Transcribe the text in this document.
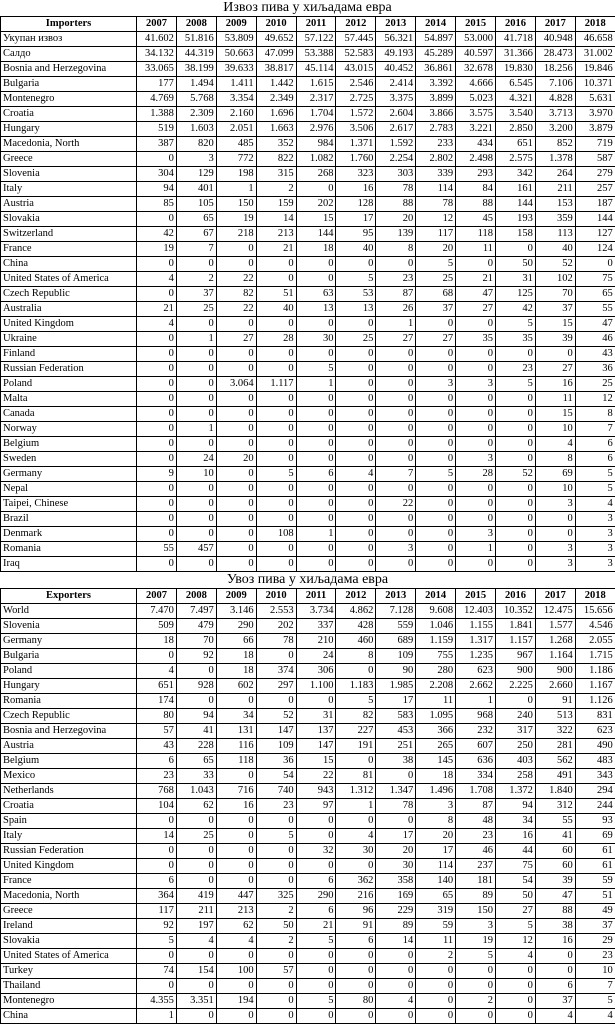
Извоз пива у хиљадама евра
Importers	2007	2008	2009	2010	2011	2012	2013	2014	2015	2016	2017	2018
Укупан извоз	41.602	51.816	53.809	49.652	57.122	57.445	56.321	54.897	53.000	41.718	40.948	46.658
Салдо	34.132	44.319	50.663	47.099	53.388	52.583	49.193	45.289	40.597	31.366	28.473	31.002
Bosnia and Herzegovina	33.065	38.199	39.633	38.817	45.114	43.015	40.452	36.861	32.678	19.830	18.256	19.846
Bulgaria	177	1.494	1.411	1.442	1.615	2.546	2.414	3.392	4.666	6.545	7.106	10.371
Montenegro	4.769	5.768	3.354	2.349	2.317	2.725	3.375	3.899	5.023	4.321	4.828	5.631
Croatia	1.388	2.309	2.160	1.696	1.704	1.572	2.604	3.866	3.575	3.540	3.713	3.970
Hungary	519	1.603	2.051	1.663	2.976	3.506	2.617	2.783	3.221	2.850	3.200	3.879
Macedonia, North	387	820	485	352	984	1.371	1.592	233	434	651	852	719
Greece	0	3	772	822	1.082	1.760	2.254	2.802	2.498	2.575	1.378	587
Slovenia	304	129	198	315	268	323	303	339	293	342	264	279
Italy	94	401	1	2	0	16	78	114	84	161	211	257
Austria	85	105	150	159	202	128	88	78	88	144	153	187
Slovakia	0	65	19	14	15	17	20	12	45	193	359	144
Switzerland	42	67	218	213	144	95	139	117	118	158	113	127
France	19	7	0	21	18	40	8	20	11	0	40	124
China	0	0	0	0	0	0	0	5	0	50	52	0
United States of America	4	2	22	0	0	5	23	25	21	31	102	75
Czech Republic	0	37	82	51	63	53	87	68	47	125	70	65
Australia	21	25	22	40	13	13	26	37	27	42	37	55
United Kingdom	4	0	0	0	0	0	1	0	0	5	15	47
Ukraine	0	1	27	28	30	25	27	27	35	35	39	46
Finland	0	0	0	0	0	0	0	0	0	0	0	43
Russian Federation	0	0	0	0	5	0	0	0	0	23	27	36
Poland	0	0	3.064	1.117	1	0	0	3	3	5	16	25
Malta	0	0	0	0	0	0	0	0	0	0	11	12
Canada	0	0	0	0	0	0	0	0	0	0	15	8
Norway	0	1	0	0	0	0	0	0	0	0	10	7
Belgium	0	0	0	0	0	0	0	0	0	0	4	6
Sweden	0	24	20	0	0	0	0	0	3	0	8	6
Germany	9	10	0	5	6	4	7	5	28	52	69	5
Nepal	0	0	0	0	0	0	0	0	0	0	10	5
Taipei, Chinese	0	0	0	0	0	0	22	0	0	0	3	4
Brazil	0	0	0	0	0	0	0	0	0	0	0	3
Denmark	0	0	0	108	1	0	0	0	3	0	0	3
Romania	55	457	0	0	0	0	3	0	1	0	3	3
Iraq	0	0	0	0	0	0	0	0	0	0	3	3
Увоз пива у хиљадама евра
Exporters	2007	2008	2009	2010	2011	2012	2013	2014	2015	2016	2017	2018
World	7.470	7.497	3.146	2.553	3.734	4.862	7.128	9.608	12.403	10.352	12.475	15.656
Slovenia	509	479	290	202	337	428	559	1.046	1.155	1.841	1.577	4.546
Germany	18	70	66	78	210	460	689	1.159	1.317	1.157	1.268	2.055
Bulgaria	0	92	18	0	24	8	109	755	1.235	967	1.164	1.715
Poland	4	0	18	374	306	0	90	280	623	900	900	1.186
Hungary	651	928	602	297	1.100	1.183	1.985	2.208	2.662	2.225	2.660	1.167
Romania	174	0	0	0	0	5	17	11	1	0	91	1.126
Czech Republic	80	94	34	52	31	82	583	1.095	968	240	513	831
Bosnia and Herzegovina	57	41	131	147	137	227	453	366	232	317	322	623
Austria	43	228	116	109	147	191	251	265	607	250	281	490
Belgium	6	65	118	36	15	0	38	145	636	403	562	483
Mexico	23	33	0	54	22	81	0	18	334	258	491	343
Netherlands	768	1.043	716	740	943	1.312	1.347	1.496	1.708	1.372	1.840	294
Croatia	104	62	16	23	97	1	78	3	87	94	312	244
Spain	0	0	0	0	0	0	0	8	48	34	55	93
Italy	14	25	0	5	0	4	17	20	23	16	41	69
Russian Federation	0	0	0	0	32	30	20	17	46	44	60	61
United Kingdom	0	0	0	0	0	0	30	114	237	75	60	61
France	6	0	0	0	6	362	358	140	181	54	39	59
Macedonia, North	364	419	447	325	290	216	169	65	89	50	47	51
Greece	117	211	213	2	6	96	229	319	150	27	88	49
Ireland	92	197	62	50	21	91	89	59	3	5	38	37
Slovakia	5	4	4	2	5	6	14	11	19	12	16	29
United States of America	0	0	0	0	0	0	0	2	5	4	0	23
Turkey	74	154	100	57	0	0	0	0	0	0	0	10
Thailand	0	0	0	0	0	0	0	0	0	0	6	7
Montenegro	4.355	3.351	194	0	5	80	4	0	2	0	37	5
China	1	0	0	0	0	0	0	0	0	0	4	4
